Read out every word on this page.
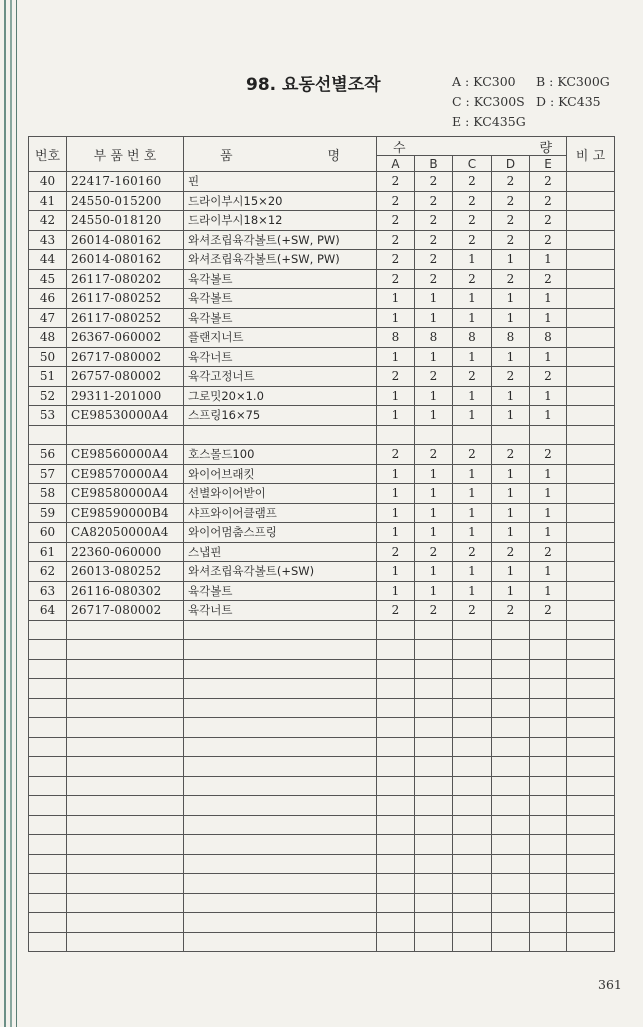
98. 요동선별조작	A : KC300 B : KC300G
C : KC300S D : KC435
E : KC435G
번호	부 품 번 호	품 명	수 량					비 고
			A	B	C	D	E	
40	22417-160160	핀	2	2	2	2	2	
41	24550-015200	드라이부시15×20	2	2	2	2	2	
42	24550-018120	드라이부시18×12	2	2	2	2	2	
43	26014-080162	와셔조립육각볼트(+SW, PW)	2	2	2	2	2	
44	26014-080162	와셔조립육각볼트(+SW, PW)	2	2	1	1	1	
45	26117-080202	육각볼트	2	2	2	2	2	
46	26117-080252	육각볼트	1	1	1	1	1	
47	26117-080252	육각볼트	1	1	1	1	1	
48	26367-060002	플랜지너트	8	8	8	8	8	
50	26717-080002	육각너트	1	1	1	1	1	
51	26757-080002	육각고정너트	2	2	2	2	2	
52	29311-201000	그로밋20×1.0	1	1	1	1	1	
53	CE98530000A4	스프링16×75	1	1	1	1	1	

56	CE98560000A4	호스몰드100	2	2	2	2	2	
57	CE98570000A4	와이어브래킷	1	1	1	1	1	
58	CE98580000A4	선별와이어받이	1	1	1	1	1	
59	CE98590000B4	샤프와이어클램프	1	1	1	1	1	
60	CA82050000A4	와이어멈춤스프링	1	1	1	1	1	
61	22360-060000	스냅핀	2	2	2	2	2	
62	26013-080252	와셔조립육각볼트(+SW)	1	1	1	1	1	
63	26116-080302	육각볼트	1	1	1	1	1	
64	26717-080002	육각너트	2	2	2	2	2	

361
